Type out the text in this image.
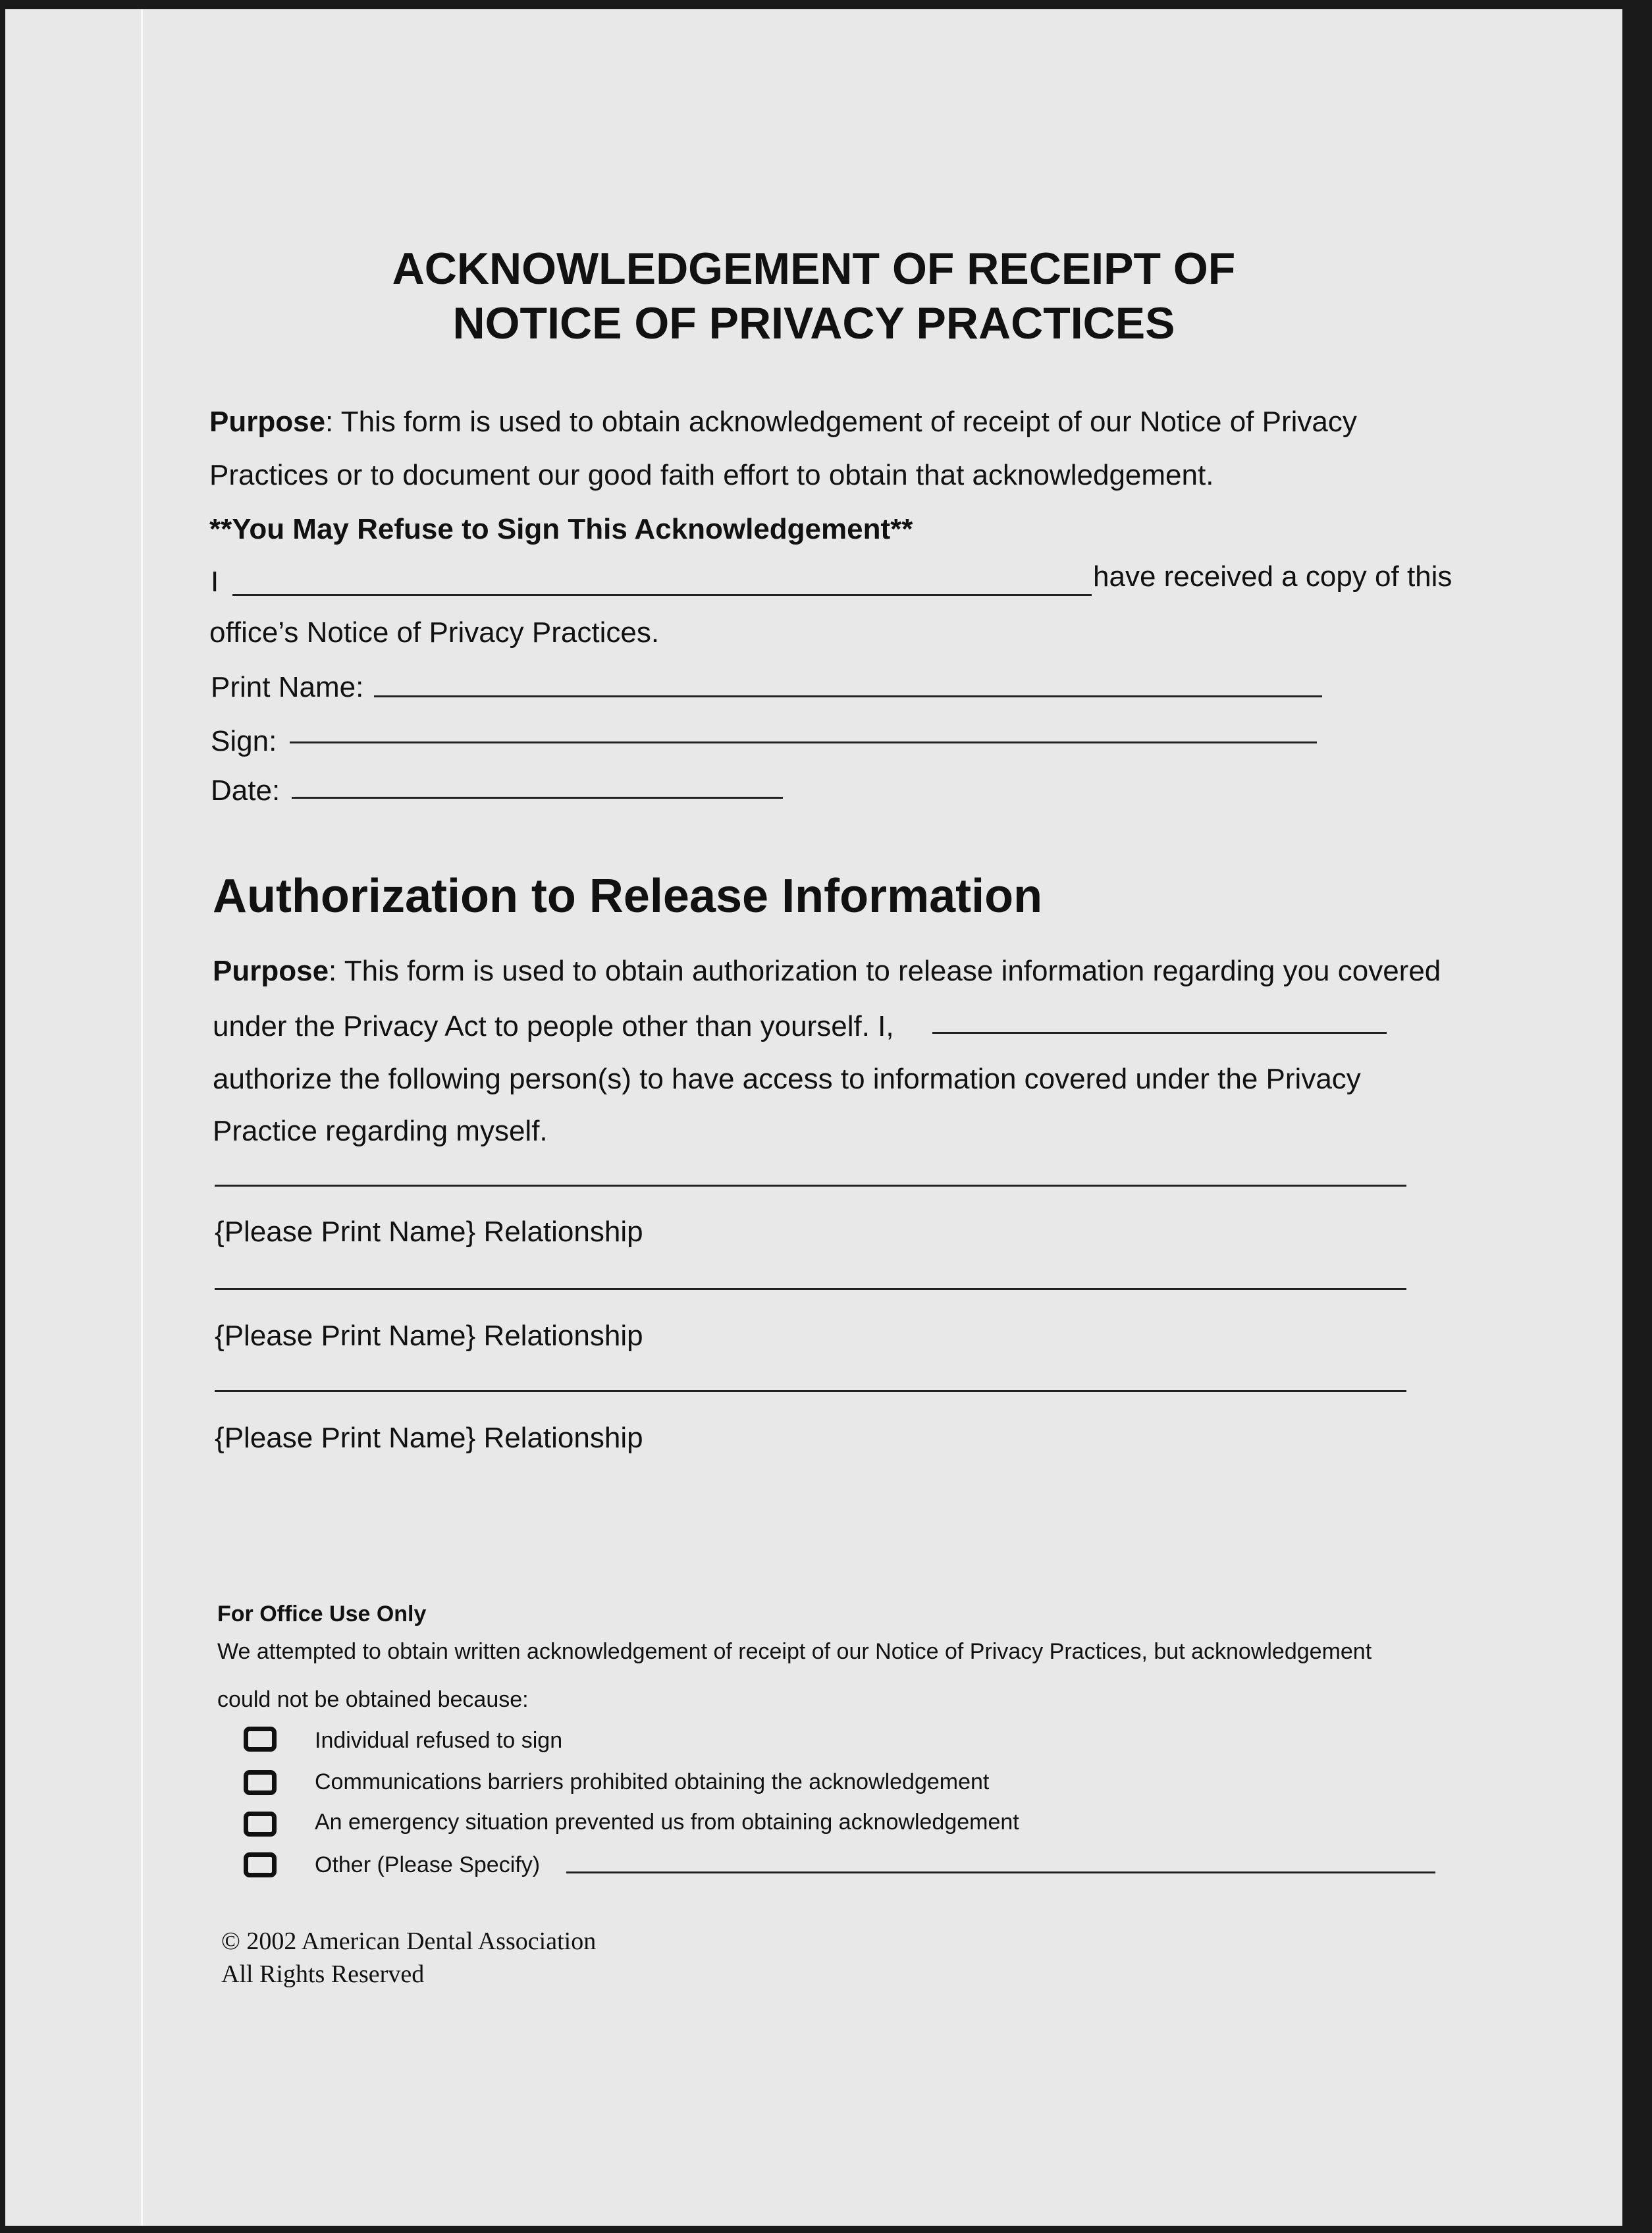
ACKNOWLEDGEMENT OF RECEIPT OF
NOTICE OF PRIVACY PRACTICES
Purpose: This form is used to obtain acknowledgement of receipt of our Notice of Privacy
Practices or to document our good faith effort to obtain that acknowledgement.
**You May Refuse to Sign This Acknowledgement**
I	have received a copy of this
office’s Notice of Privacy Practices.
Print Name:
Sign:
Date:
Authorization to Release Information
Purpose: This form is used to obtain authorization to release information regarding you covered
under the Privacy Act to people other than yourself. I,
authorize the following person(s) to have access to information covered under the Privacy
Practice regarding myself.
{Please Print Name} Relationship
{Please Print Name} Relationship
{Please Print Name} Relationship
For Office Use Only
We attempted to obtain written acknowledgement of receipt of our Notice of Privacy Practices, but acknowledgement
could not be obtained because:
Individual refused to sign
Communications barriers prohibited obtaining the acknowledgement
An emergency situation prevented us from obtaining acknowledgement
Other (Please Specify)
© 2002 American Dental Association
All Rights Reserved
